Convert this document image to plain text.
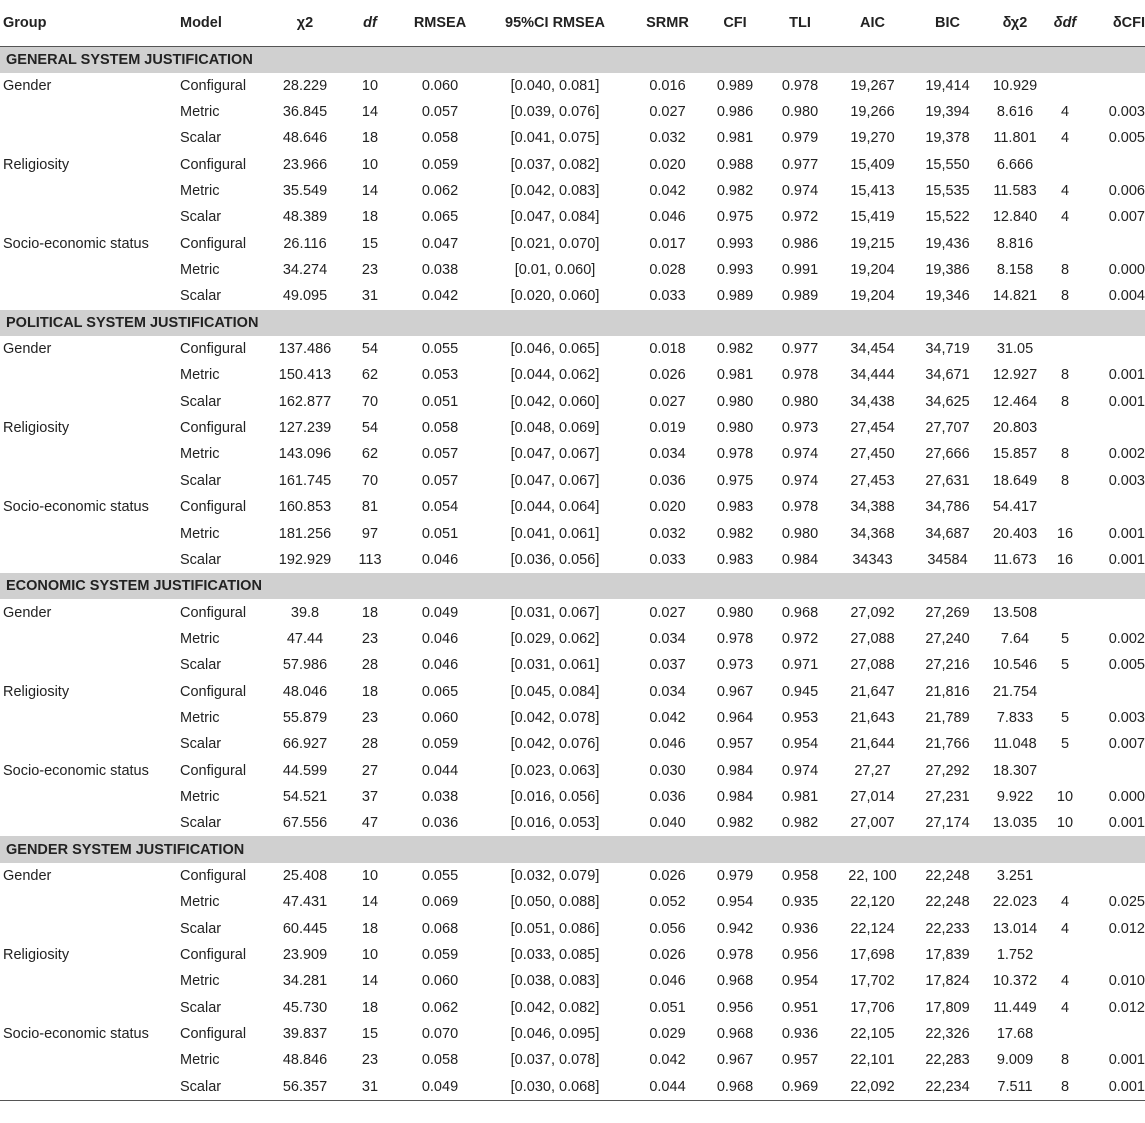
Group	Model	χ2	df	RMSEA	95%CI RMSEA	SRMR	CFI	TLI	AIC	BIC	δχ2	δdf	δCFI
GENERAL SYSTEM JUSTIFICATION													
Gender	Configural	28.229	10	0.060	[0.040, 0.081]	0.016	0.989	0.978	19,267	19,414	10.929		
	Metric	36.845	14	0.057	[0.039, 0.076]	0.027	0.986	0.980	19,266	19,394	8.616	4	0.003
	Scalar	48.646	18	0.058	[0.041, 0.075]	0.032	0.981	0.979	19,270	19,378	11.801	4	0.005
Religiosity	Configural	23.966	10	0.059	[0.037, 0.082]	0.020	0.988	0.977	15,409	15,550	6.666		
	Metric	35.549	14	0.062	[0.042, 0.083]	0.042	0.982	0.974	15,413	15,535	11.583	4	0.006
	Scalar	48.389	18	0.065	[0.047, 0.084]	0.046	0.975	0.972	15,419	15,522	12.840	4	0.007
Socio-economic status	Configural	26.116	15	0.047	[0.021, 0.070]	0.017	0.993	0.986	19,215	19,436	8.816		
	Metric	34.274	23	0.038	[0.01, 0.060]	0.028	0.993	0.991	19,204	19,386	8.158	8	0.000
	Scalar	49.095	31	0.042	[0.020, 0.060]	0.033	0.989	0.989	19,204	19,346	14.821	8	0.004
POLITICAL SYSTEM JUSTIFICATION													
Gender	Configural	137.486	54	0.055	[0.046, 0.065]	0.018	0.982	0.977	34,454	34,719	31.05		
	Metric	150.413	62	0.053	[0.044, 0.062]	0.026	0.981	0.978	34,444	34,671	12.927	8	0.001
	Scalar	162.877	70	0.051	[0.042, 0.060]	0.027	0.980	0.980	34,438	34,625	12.464	8	0.001
Religiosity	Configural	127.239	54	0.058	[0.048, 0.069]	0.019	0.980	0.973	27,454	27,707	20.803		
	Metric	143.096	62	0.057	[0.047, 0.067]	0.034	0.978	0.974	27,450	27,666	15.857	8	0.002
	Scalar	161.745	70	0.057	[0.047, 0.067]	0.036	0.975	0.974	27,453	27,631	18.649	8	0.003
Socio-economic status	Configural	160.853	81	0.054	[0.044, 0.064]	0.020	0.983	0.978	34,388	34,786	54.417		
	Metric	181.256	97	0.051	[0.041, 0.061]	0.032	0.982	0.980	34,368	34,687	20.403	16	0.001
	Scalar	192.929	113	0.046	[0.036, 0.056]	0.033	0.983	0.984	34343	34584	11.673	16	0.001
ECONOMIC SYSTEM JUSTIFICATION													
Gender	Configural	39.8	18	0.049	[0.031, 0.067]	0.027	0.980	0.968	27,092	27,269	13.508		
	Metric	47.44	23	0.046	[0.029, 0.062]	0.034	0.978	0.972	27,088	27,240	7.64	5	0.002
	Scalar	57.986	28	0.046	[0.031, 0.061]	0.037	0.973	0.971	27,088	27,216	10.546	5	0.005
Religiosity	Configural	48.046	18	0.065	[0.045, 0.084]	0.034	0.967	0.945	21,647	21,816	21.754		
	Metric	55.879	23	0.060	[0.042, 0.078]	0.042	0.964	0.953	21,643	21,789	7.833	5	0.003
	Scalar	66.927	28	0.059	[0.042, 0.076]	0.046	0.957	0.954	21,644	21,766	11.048	5	0.007
Socio-economic status	Configural	44.599	27	0.044	[0.023, 0.063]	0.030	0.984	0.974	27,27	27,292	18.307		
	Metric	54.521	37	0.038	[0.016, 0.056]	0.036	0.984	0.981	27,014	27,231	9.922	10	0.000
	Scalar	67.556	47	0.036	[0.016, 0.053]	0.040	0.982	0.982	27,007	27,174	13.035	10	0.001
GENDER SYSTEM JUSTIFICATION													
Gender	Configural	25.408	10	0.055	[0.032, 0.079]	0.026	0.979	0.958	22, 100	22,248	3.251		
	Metric	47.431	14	0.069	[0.050, 0.088]	0.052	0.954	0.935	22,120	22,248	22.023	4	0.025
	Scalar	60.445	18	0.068	[0.051, 0.086]	0.056	0.942	0.936	22,124	22,233	13.014	4	0.012
Religiosity	Configural	23.909	10	0.059	[0.033, 0.085]	0.026	0.978	0.956	17,698	17,839	1.752		
	Metric	34.281	14	0.060	[0.038, 0.083]	0.046	0.968	0.954	17,702	17,824	10.372	4	0.010
	Scalar	45.730	18	0.062	[0.042, 0.082]	0.051	0.956	0.951	17,706	17,809	11.449	4	0.012
Socio-economic status	Configural	39.837	15	0.070	[0.046, 0.095]	0.029	0.968	0.936	22,105	22,326	17.68		
	Metric	48.846	23	0.058	[0.037, 0.078]	0.042	0.967	0.957	22,101	22,283	9.009	8	0.001
	Scalar	56.357	31	0.049	[0.030, 0.068]	0.044	0.968	0.969	22,092	22,234	7.511	8	0.001
